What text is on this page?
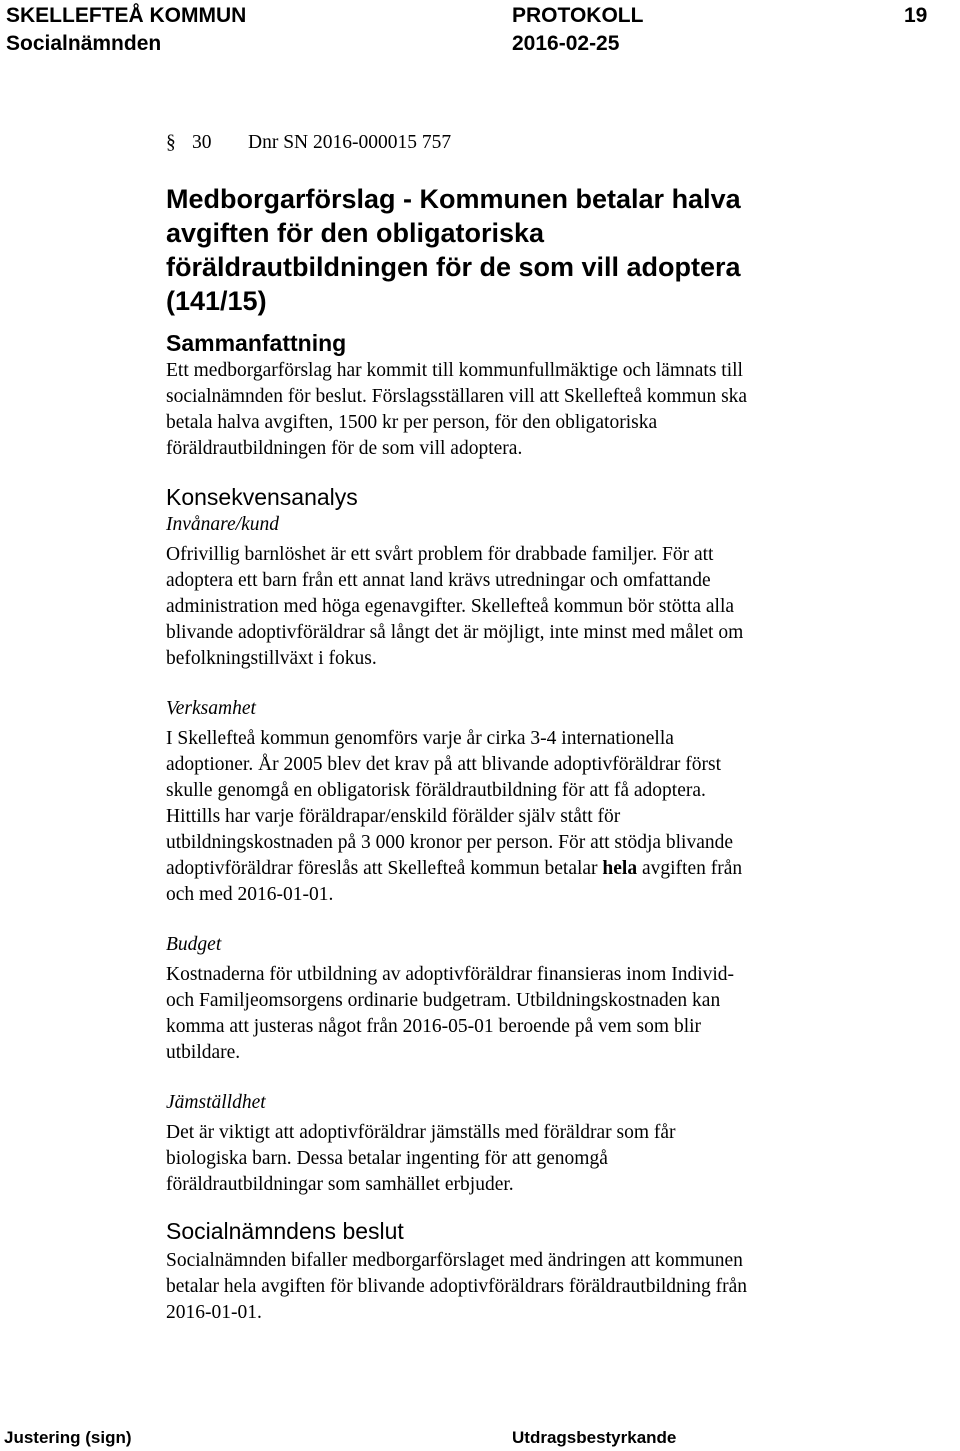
SKELLEFTEÅ KOMMUN	PROTOKOLL	19
Socialnämnden	2016-02-25
§ 30	Dnr SN 2016-000015 757
Medborgarförslag - Kommunen betalar halva
avgiften för den obligatoriska
föräldrautbildningen för de som vill adoptera
(141/15)
Sammanfattning

Ett medborgarförslag har kommit till kommunfullmäktige och lämnats till
socialnämnden för beslut. Förslagsställaren vill att Skellefteå kommun ska
betala halva avgiften, 1500 kr per person, för den obligatoriska
föräldrautbildningen för de som vill adoptera.

Konsekvensanalys

Invånare/kund

Ofrivillig barnlöshet är ett svårt problem för drabbade familjer. För att
adoptera ett barn från ett annat land krävs utredningar och omfattande
administration med höga egenavgifter. Skellefteå kommun bör stötta alla
blivande adoptivföräldrar så långt det är möjligt, inte minst med målet om
befolkningstillväxt i fokus.

Verksamhet

I Skellefteå kommun genomförs varje år cirka 3-4 internationella
adoptioner. År 2005 blev det krav på att blivande adoptivföräldrar först
skulle genomgå en obligatorisk föräldrautbildning för att få adoptera.
Hittills har varje föräldrapar/enskild förälder själv stått för
utbildningskostnaden på 3 000 kronor per person. För att stödja blivande
adoptivföräldrar föreslås att Skellefteå kommun betalar hela avgiften från
och med 2016-01-01.

Budget

Kostnaderna för utbildning av adoptivföräldrar finansieras inom Individ-
och Familjeomsorgens ordinarie budgetram. Utbildningskostnaden kan
komma att justeras något från 2016-05-01 beroende på vem som blir
utbildare.

Jämställdhet

Det är viktigt att adoptivföräldrar jämställs med föräldrar som får
biologiska barn. Dessa betalar ingenting för att genomgå
föräldrautbildningar som samhället erbjuder.

Socialnämndens beslut

Socialnämnden bifaller medborgarförslaget med ändringen att kommunen
betalar hela avgiften för blivande adoptivföräldrars föräldrautbildning från
2016-01-01.

Justering (sign)	Utdragsbestyrkande
